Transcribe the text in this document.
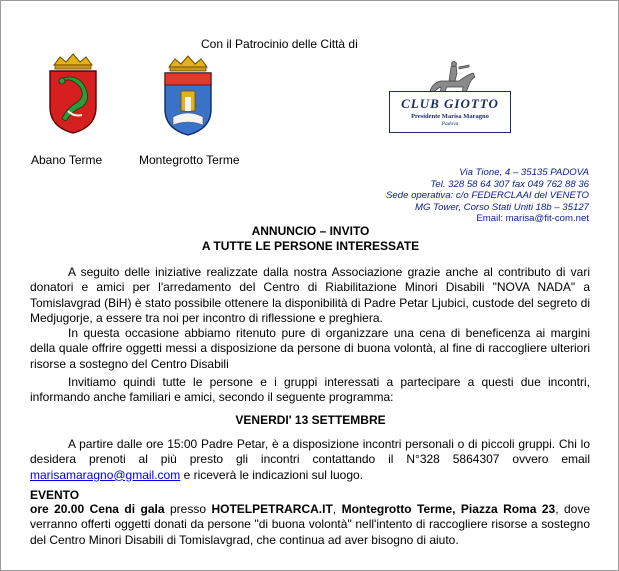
Con il Patrocinio delle Città di
Abano Terme	Montegrotto Terme
CLUB GIOTTO
Presidente Marisa Maragno
Padova
Via Tione, 4 – 35135 PADOVA
Tel. 328 58 64 307 fax 049 762 88 36
Sede operativa: c/o FEDERCLAAI del VENETO
MG Tower, Corso Stati Uniti 18b – 35127
Email: marisa@fit-com.net
ANNUNCIO – INVITO
A TUTTE LE PERSONE INTERESSATE
A seguito delle iniziative realizzate dalla nostra Associazione grazie anche al contributo di vari donatori e amici per l'arredamento del Centro di Riabilitazione Minori Disabili "NOVA NADA" a Tomislavgrad (BiH) è stato possibile ottenere la disponibilità di Padre Petar Ljubici, custode del segreto di Medjugorje, a essere tra noi per incontro di riflessione e preghiera.
In questa occasione abbiamo ritenuto pure di organizzare una cena di beneficenza ai margini della quale offrire oggetti messi a disposizione da persone di buona volontà, al fine di raccogliere ulteriori risorse a sostegno del Centro Disabili
Invitiamo quindi tutte le persone e i gruppi interessati a partecipare a questi due incontri, informando anche familiari e amici, secondo il seguente programma:
VENERDI' 13 SETTEMBRE
A partire dalle ore 15:00 Padre Petar, è a disposizione incontri personali o di piccoli gruppi. Chi lo desidera prenoti al più presto gli incontri contattando il N°328 5864307 ovvero email marisamaragno@gmail.com e riceverà le indicazioni sul luogo.
EVENTO
ore 20.00 Cena di gala presso HOTELPETRARCA.IT, Montegrotto Terme, Piazza Roma 23, dove verranno offerti oggetti donati da persone "di buona volontà" nell'intento di raccogliere risorse a sostegno del Centro Minori Disabili di Tomislavgrad, che continua ad aver bisogno di aiuto.
